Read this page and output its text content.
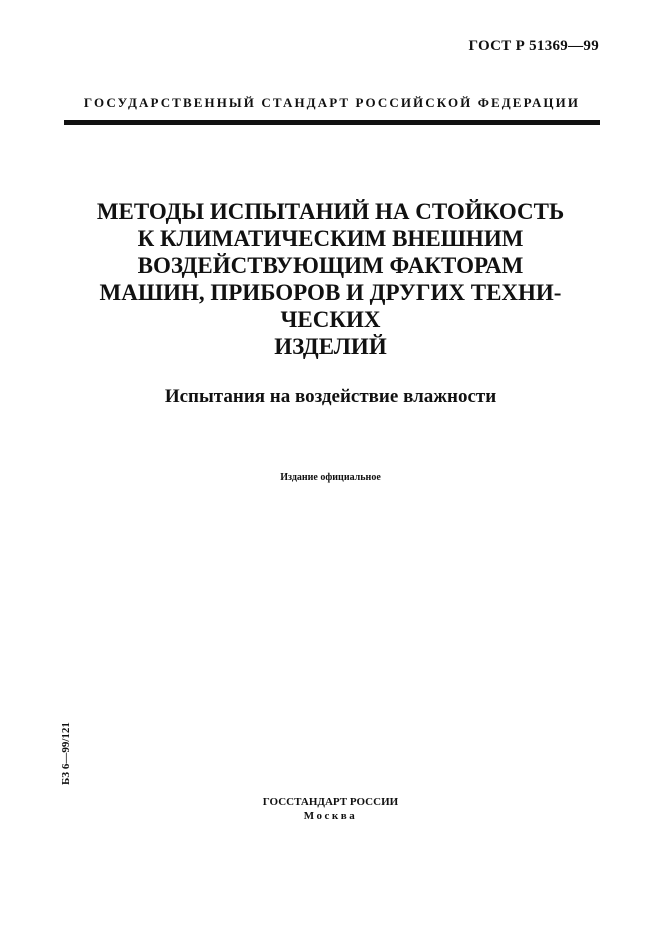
ГОСТ Р 51369—99
ГОСУДАРСТВЕННЫЙ СТАНДАРТ РОССИЙСКОЙ ФЕДЕРАЦИИ
МЕТОДЫ ИСПЫТАНИЙ НА СТОЙКОСТЬ
К КЛИМАТИЧЕСКИМ ВНЕШНИМ
ВОЗДЕЙСТВУЮЩИМ ФАКТОРАМ
МАШИН, ПРИБОРОВ И ДРУГИХ ТЕХНИ-
ЧЕСКИХ
ИЗДЕЛИЙ
Испытания на воздействие влажности
Издание официальное
БЗ 6—99/121
ГОССТАНДАРТ РОССИИ
Москва
